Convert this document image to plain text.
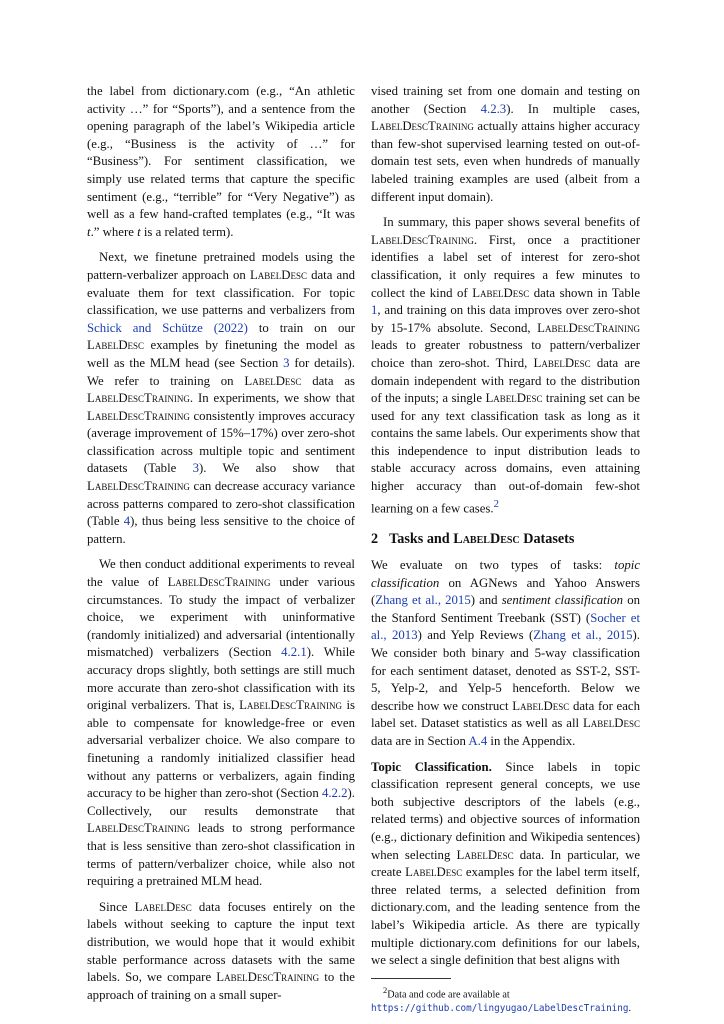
the label from dictionary.com (e.g., “An athletic activity …” for “Sports”), and a sentence from the opening paragraph of the label’s Wikipedia article (e.g., “Business is the activity of …” for “Business”). For sentiment classification, we simply use related terms that capture the specific sentiment (e.g., “terrible” for “Very Negative”) as well as a few hand-crafted templates (e.g., “It was t.” where t is a related term).

Next, we finetune pretrained models using the pattern-verbalizer approach on LabelDesc data and evaluate them for text classification. For topic classification, we use patterns and verbalizers from Schick and Schütze (2022) to train on our LabelDesc examples by finetuning the model as well as the MLM head (see Section 3 for details). We refer to training on LabelDesc data as LabelDescTraining. In experiments, we show that LabelDescTraining consistently improves accuracy (average improvement of 15%–17%) over zero-shot classification across multiple topic and sentiment datasets (Table 3). We also show that LabelDescTraining can decrease accuracy variance across patterns compared to zero-shot classification (Table 4), thus being less sensitive to the choice of pattern.

We then conduct additional experiments to reveal the value of LabelDescTraining under various circumstances. To study the impact of verbalizer choice, we experiment with uninformative (randomly initialized) and adversarial (intentionally mismatched) verbalizers (Section 4.2.1). While accuracy drops slightly, both settings are still much more accurate than zero-shot classification with its original verbalizers. That is, LabelDescTraining is able to compensate for knowledge-free or even adversarial verbalizer choice. We also compare to finetuning a randomly initialized classifier head without any patterns or verbalizers, again finding accuracy to be higher than zero-shot (Section 4.2.2). Collectively, our results demonstrate that LabelDescTraining leads to strong performance that is less sensitive than zero-shot classification in terms of pattern/verbalizer choice, while also not requiring a pretrained MLM head.

Since LabelDesc data focuses entirely on the labels without seeking to capture the input text distribution, we would hope that it would exhibit stable performance across datasets with the same labels. So, we compare LabelDescTraining to the approach of training on a small super-

vised training set from one domain and testing on another (Section 4.2.3). In multiple cases, LabelDescTraining actually attains higher accuracy than few-shot supervised learning tested on out-of-domain test sets, even when hundreds of manually labeled training examples are used (albeit from a different input domain).

In summary, this paper shows several benefits of LabelDescTraining. First, once a practitioner identifies a label set of interest for zero-shot classification, it only requires a few minutes to collect the kind of LabelDesc data shown in Table 1, and training on this data improves over zero-shot by 15-17% absolute. Second, LabelDescTraining leads to greater robustness to pattern/verbalizer choice than zero-shot. Third, LabelDesc data are domain independent with regard to the distribution of the inputs; a single LabelDesc training set can be used for any text classification task as long as it contains the same labels. Our experiments show that this independence to input distribution leads to stable accuracy across domains, even attaining higher accuracy than out-of-domain few-shot learning on a few cases.$^2$

2 Tasks and LabelDesc Datasets

We evaluate on two types of tasks: topic classification on AGNews and Yahoo Answers (Zhang et al., 2015) and sentiment classification on the Stanford Sentiment Treebank (SST) (Socher et al., 2013) and Yelp Reviews (Zhang et al., 2015). We consider both binary and 5-way classification for each sentiment dataset, denoted as SST-2, SST-5, Yelp-2, and Yelp-5 henceforth. Below we describe how we construct LabelDesc data for each label set. Dataset statistics as well as all LabelDesc data are in Section A.4 in the Appendix.

Topic Classification. Since labels in topic classification represent general concepts, we use both subjective descriptors of the labels (e.g., related terms) and objective sources of information (e.g., dictionary definition and Wikipedia sentences) when selecting LabelDesc data. In particular, we create LabelDesc examples for the label term itself, three related terms, a selected definition from dictionary.com, and the leading sentence from the label’s Wikipedia article. As there are typically multiple dictionary.com definitions for our labels, we select a single definition that best aligns with

$^2$Data and code are available at https://github.com/lingyugao/LabelDescTraining.
